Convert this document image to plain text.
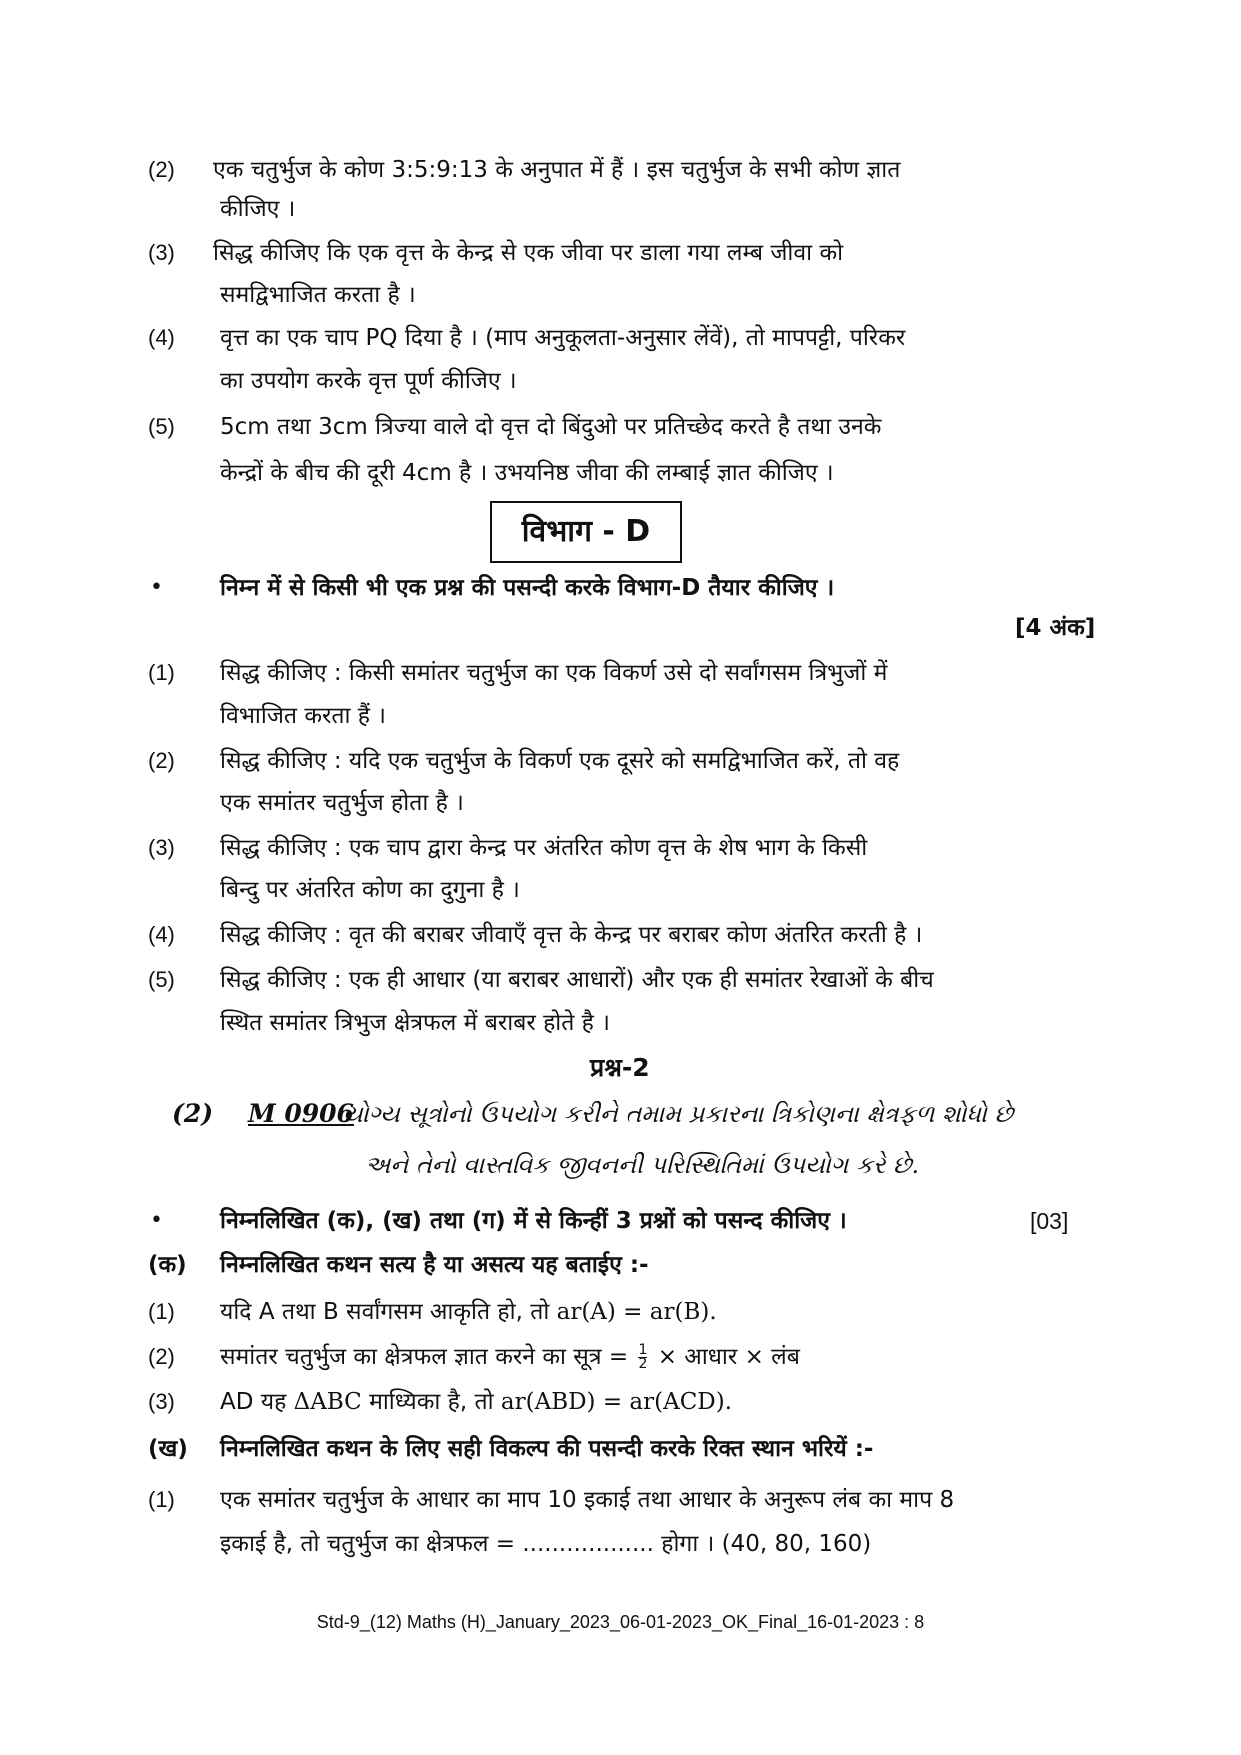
(2) एक चतुर्भुज के कोण 3:5:9:13 के अनुपात में हैं । इस चतुर्भुज के सभी कोण ज्ञात
कीजिए ।
(3) सिद्ध कीजिए कि एक वृत्त के केन्द्र से एक जीवा पर डाला गया लम्ब जीवा को
समद्विभाजित करता है ।
(4) वृत्त का एक चाप PQ दिया है । (माप अनुकूलता-अनुसार लेंवें), तो मापपट्टी, परिकर
का उपयोग करके वृत्त पूर्ण कीजिए ।
(5) 5cm तथा 3cm त्रिज्या वाले दो वृत्त दो बिंदुओ पर प्रतिच्छेद करते है तथा उनके
केन्द्रों के बीच की दूरी 4cm है । उभयनिष्ठ जीवा की लम्बाई ज्ञात कीजिए ।
विभाग - D
• निम्न में से किसी भी एक प्रश्न की पसन्दी करके विभाग-D तैयार कीजिए ।
[4 अंक]
(1) सिद्ध कीजिए : किसी समांतर चतुर्भुज का एक विकर्ण उसे दो सर्वांगसम त्रिभुजों में
विभाजित करता हैं ।
(2) सिद्ध कीजिए : यदि एक चतुर्भुज के विकर्ण एक दूसरे को समद्विभाजित करें, तो वह
एक समांतर चतुर्भुज होता है ।
(3) सिद्ध कीजिए : एक चाप द्वारा केन्द्र पर अंतरित कोण वृत्त के शेष भाग के किसी
बिन्दु पर अंतरित कोण का दुगुना है ।
(4) सिद्ध कीजिए : वृत की बराबर जीवाएँ वृत्त के केन्द्र पर बराबर कोण अंतरित करती है ।
(5) सिद्ध कीजिए : एक ही आधार (या बराबर आधारों) और एक ही समांतर रेखाओं के बीच
स्थित समांतर त्रिभुज क्षेत्रफल में बराबर होते है ।
प्रश्न-2
(2) M 0906
યોગ્ય સૂત્રોનો ઉપયોગ કરીને તમામ પ્રકારના ત્રિકોણના ક્ષેત્રફળ શોધો છે
અને તેનો વાસ્તવિક જીવનની પરિસ્થિતિમાં ઉપયોગ કરે છે.
• निम्नलिखित (क), (ख) तथा (ग) में से किन्हीं 3 प्रश्नों को पसन्द कीजिए ।	[03]
(क) निम्नलिखित कथन सत्य है या असत्य यह बताईए :-
(1) यदि A तथा B सर्वांगसम आकृति हो, तो ar(A) = ar(B).
(2) समांतर चतुर्भुज का क्षेत्रफल ज्ञात करने का सूत्र = $\frac{1}{2}$ × आधार × लंब
(3) AD यह ΔABC माध्यिका है, तो ar(ABD) = ar(ACD).
(ख) निम्नलिखित कथन के लिए सही विकल्प की पसन्दी करके रिक्त स्थान भरियें :-
(1) एक समांतर चतुर्भुज के आधार का माप 10 इकाई तथा आधार के अनुरूप लंब का माप 8
इकाई है, तो चतुर्भुज का क्षेत्रफल = .................. होगा । (40, 80, 160)
Std-9_(12) Maths (H)_January_2023_06-01-2023_OK_Final_16-01-2023 : 8
